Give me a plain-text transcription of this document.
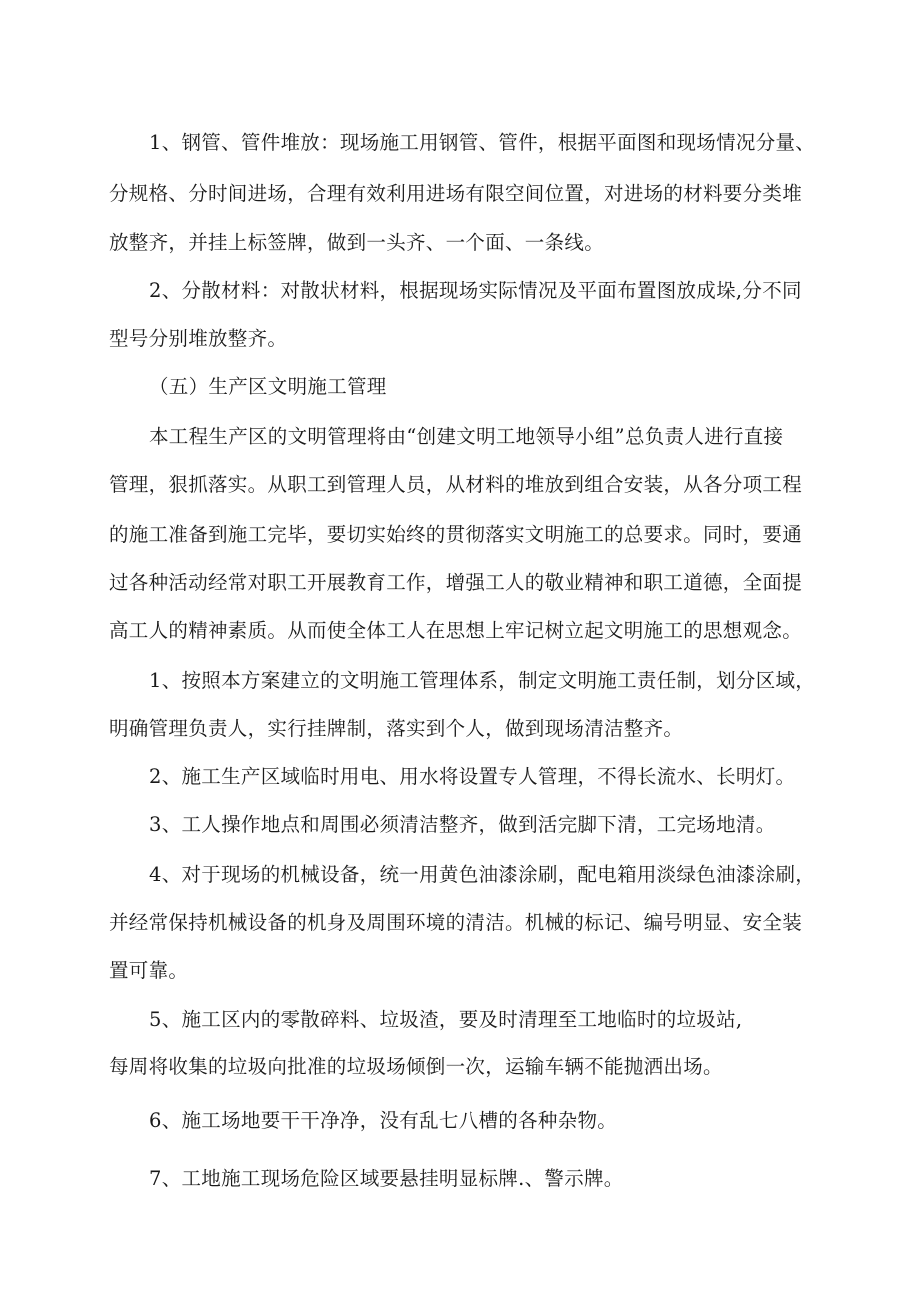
1、钢管、管件堆放：现场施工用钢管、管件，根据平面图和现场情况分量、
分规格、分时间进场，合理有效利用进场有限空间位置，对进场的材料要分类堆
放整齐，并挂上标签牌，做到一头齐、一个面、一条线。
2、分散材料：对散状材料，根据现场实际情况及平面布置图放成垛,分不同
型号分别堆放整齐。
（五）生产区文明施工管理
本工程生产区的文明管理将由“创建文明工地领导小组”总负责人进行直接
管理，狠抓落实。从职工到管理人员，从材料的堆放到组合安装，从各分项工程
的施工准备到施工完毕，要切实始终的贯彻落实文明施工的总要求。同时，要通
过各种活动经常对职工开展教育工作，增强工人的敬业精神和职工道德，全面提
高工人的精神素质。从而使全体工人在思想上牢记树立起文明施工的思想观念。
1、按照本方案建立的文明施工管理体系，制定文明施工责任制，划分区域，
明确管理负责人，实行挂牌制，落实到个人，做到现场清洁整齐。
2、施工生产区域临时用电、用水将设置专人管理，不得长流水、长明灯。
3、工人操作地点和周围必须清洁整齐，做到活完脚下清，工完场地清。
4、对于现场的机械设备，统一用黄色油漆涂刷，配电箱用淡绿色油漆涂刷，
并经常保持机械设备的机身及周围环境的清洁。机械的标记、编号明显、安全装
置可靠。
5、施工区内的零散碎料、垃圾渣，要及时清理至工地临时的垃圾站,
每周将收集的垃圾向批准的垃圾场倾倒一次，运输车辆不能抛洒出场。
6、施工场地要干干净净，没有乱七八槽的各种杂物。
7、工地施工现场危险区域要悬挂明显标牌.、警示牌。
